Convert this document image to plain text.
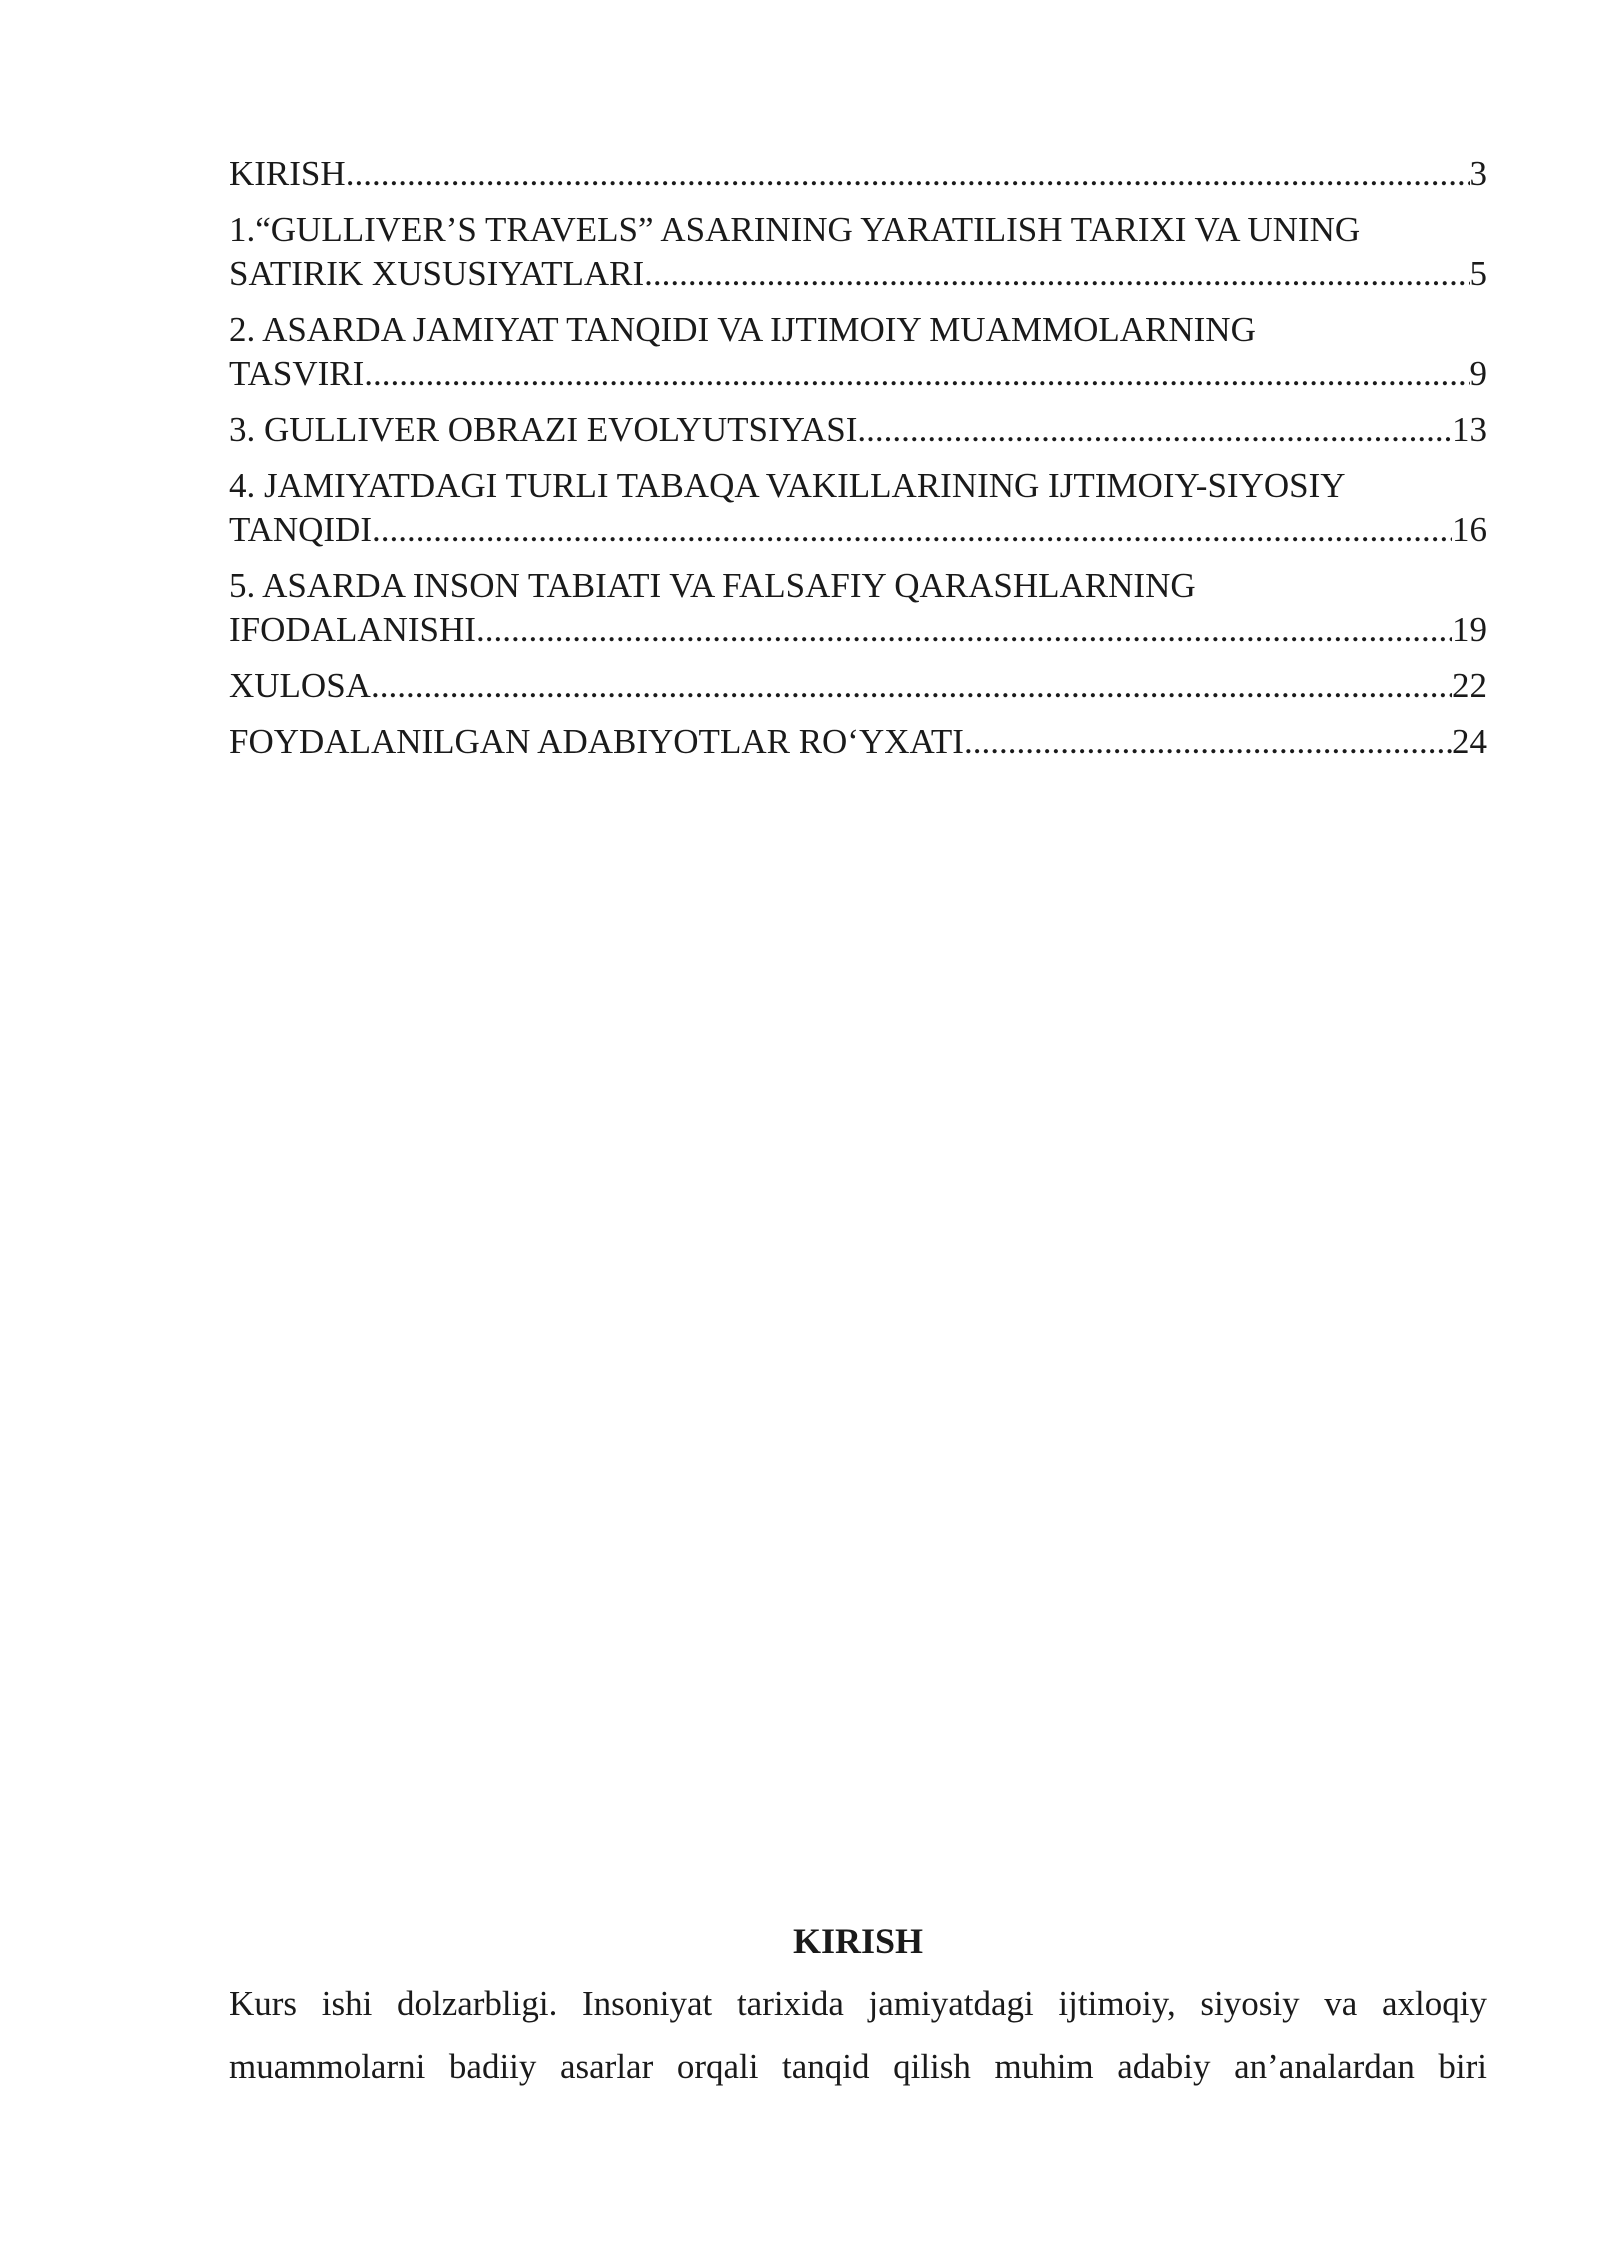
KIRISH .....	3
1.“GULLIVER’S TRAVELS” ASARINING YARATILISH TARIXI VA UNING
SATIRIK XUSUSIYATLARI .....	5
2. ASARDA JAMIYAT TANQIDI VA IJTIMOIY MUAMMOLARNING
TASVIRI .....	9
3. GULLIVER OBRAZI EVOLYUTSIYASI .....	13
4. JAMIYATDAGI TURLI TABAQA VAKILLARINING IJTIMOIY-SIYOSIY
TANQIDI .....	16
5. ASARDA INSON TABIATI VA FALSAFIY QARASHLARNING
IFODALANISHI .....	19
XULOSA .....	22
FOYDALANILGAN ADABIYOTLAR RO‘YXATI .....	24
KIRISH

Kurs ishi dolzarbligi. Insoniyat tarixida jamiyatdagi ijtimoiy, siyosiy va axloqiy muammolarni badiiy asarlar orqali tanqid qilish muhim adabiy an’analardan biri
